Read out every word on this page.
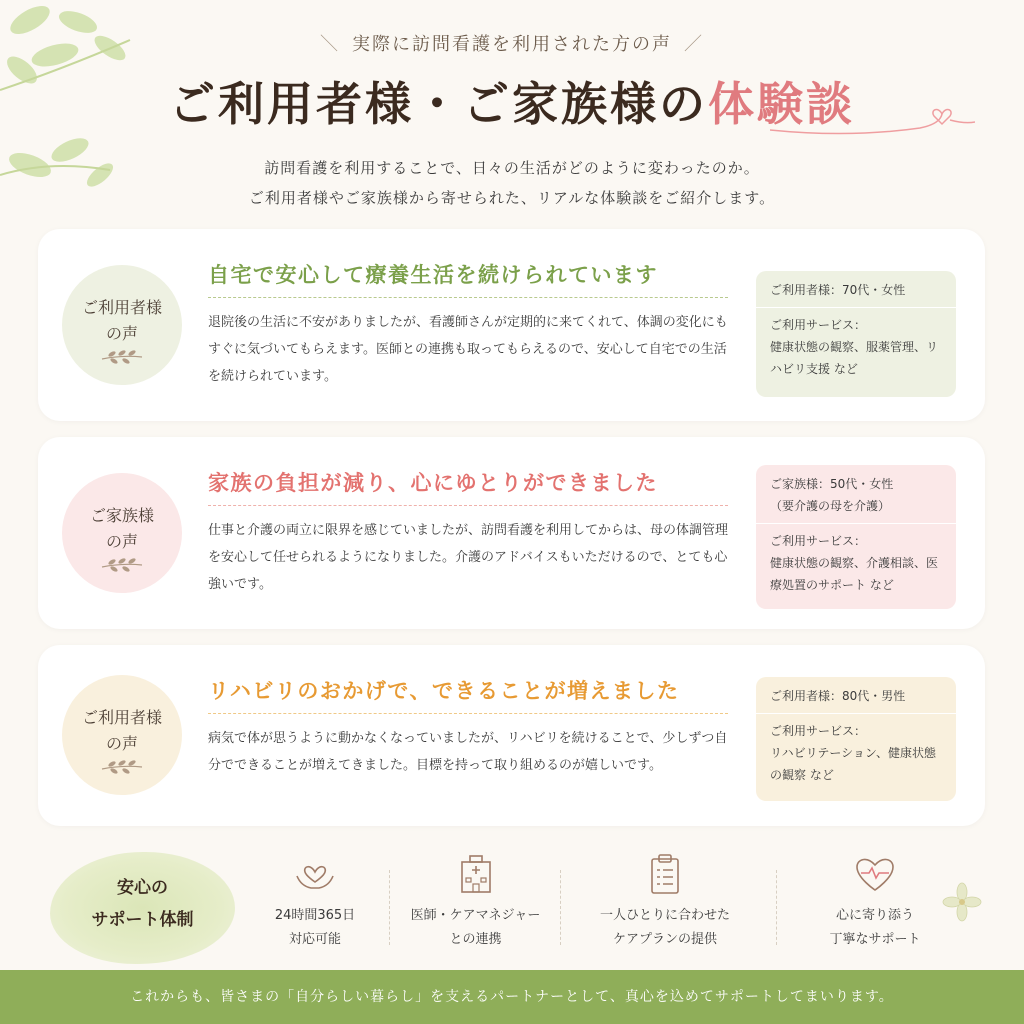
＼ 実際に訪問看護を利用された方の声 ／
ご利用者様・ご家族様の体験談
訪問看護を利用することで、日々の生活がどのように変わったのか。
ご利用者様やご家族様から寄せられた、リアルな体験談をご紹介します。
ご利用者様
の声
自宅で安心して療養生活を続けられています
退院後の生活に不安がありましたが、看護師さんが定期的に来てくれて、体調の変化にもすぐに気づいてもらえます。医師との連携も取ってもらえるので、安心して自宅での生活を続けられています。
ご利用者様：70代・女性
ご利用サービス：
健康状態の観察、服薬管理、リハビリ支援 など
ご家族様
の声
家族の負担が減り、心にゆとりができました
仕事と介護の両立に限界を感じていましたが、訪問看護を利用してからは、母の体調管理を安心して任せられるようになりました。介護のアドバイスもいただけるので、とても心強いです。
ご家族様：50代・女性
（要介護の母を介護）
ご利用サービス：
健康状態の観察、介護相談、医療処置のサポート など
ご利用者様
の声
リハビリのおかげで、できることが増えました
病気で体が思うように動かなくなっていましたが、リハビリを続けることで、少しずつ自分でできることが増えてきました。目標を持って取り組めるのが嬉しいです。
ご利用者様：80代・男性
ご利用サービス：
リハビリテーション、健康状態の観察 など
安心の
サポート体制	24時間365日
対応可能
医師・ケアマネジャー
との連携
一人ひとりに合わせた
ケアプランの提供
心に寄り添う
丁寧なサポート
これからも、皆さまの「自分らしい暮らし」を支えるパートナーとして、真心を込めてサポートしてまいります。
